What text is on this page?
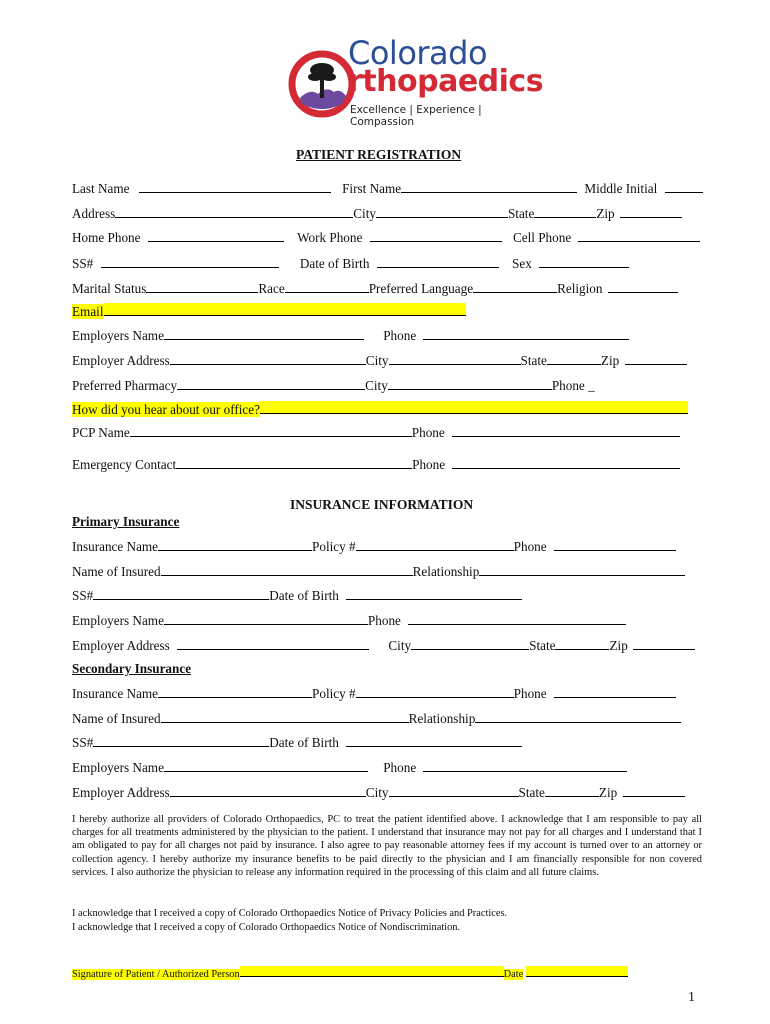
Colorado
rthopaedics
Excellence | Experience | Compassion
PATIENT REGISTRATION
Last Name	First Name	Middle Initial
Address	City	State	Zip
Home Phone	Work Phone	Cell Phone
SS#	Date of Birth	Sex
Marital Status	Race	Preferred Language	Religion
Email
Employers Name	Phone
Employer Address	City	State	Zip
Preferred Pharmacy	City	Phone _
How did you hear about our office?
PCP Name	Phone
Emergency Contact	Phone
INSURANCE INFORMATION
Primary Insurance
Insurance Name	Policy #	Phone
Name of Insured	Relationship
SS#	Date of Birth
Employers Name	Phone
Employer Address	City	State	Zip
Secondary Insurance
Insurance Name	Policy #	Phone
Name of Insured	Relationship
SS#	Date of Birth
Employers Name	Phone
Employer Address	City	State	Zip
I hereby authorize all providers of Colorado Orthopaedics, PC to treat the patient identified above. I acknowledge that I am responsible to pay all charges for all treatments administered by the physician to the patient. I understand that insurance may not pay for all charges and I understand that I am obligated to pay for all charges not paid by insurance. I also agree to pay reasonable attorney fees if my account is turned over to an attorney or collection agency. I hereby authorize my insurance benefits to be paid directly to the physician and I am financially responsible for non covered services. I also authorize the physician to release any information required in the processing of this claim and all future claims.
I acknowledge that I received a copy of Colorado Orthopaedics Notice of Privacy Policies and Practices.
I acknowledge that I received a copy of Colorado Orthopaedics Notice of Nondiscrimination.
Signature of Patient / Authorized Person	Date
1
